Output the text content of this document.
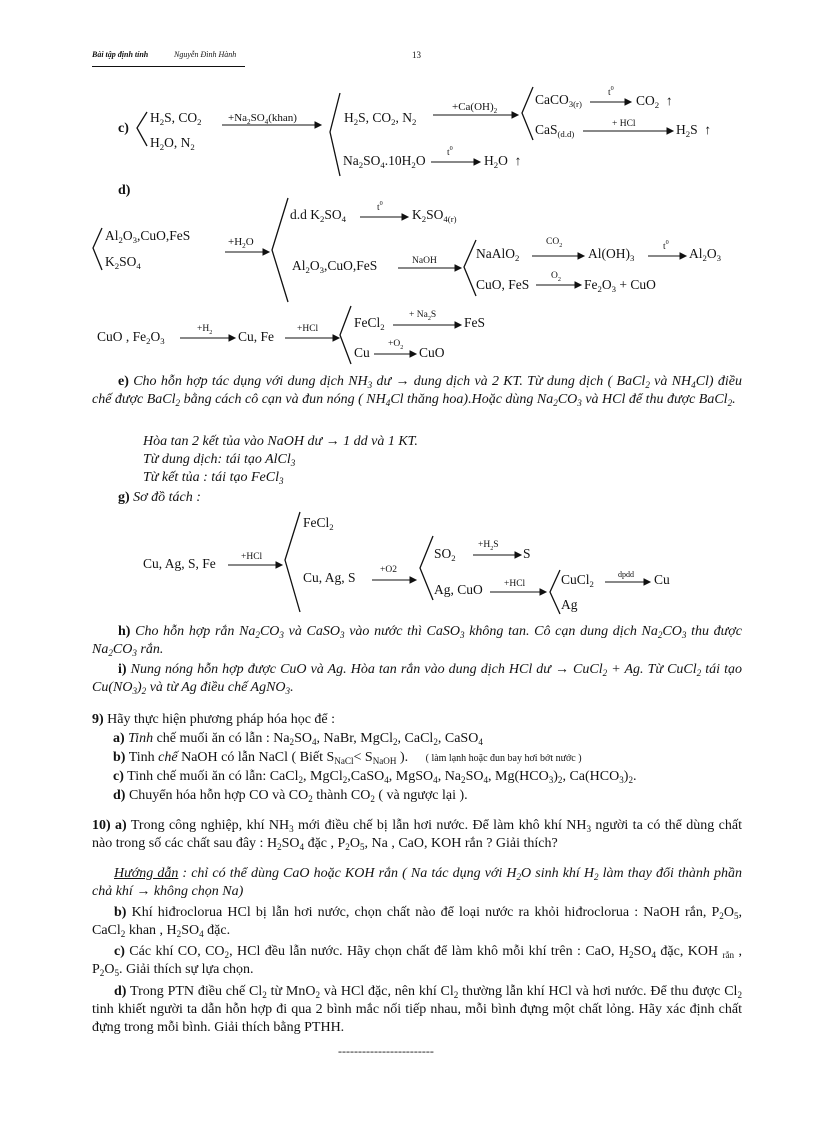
Bài tập định tính	Nguyễn Đình Hành	13
c)
$H_2S$, $CO_2$
$H_2O$, $N_2$
$+Na_2SO_4(khan)$	$H_2S$, $CO_2$, $N_2$
$+Ca(OH)_2$
CaCO$_{3(r)}$
$t^0$
$CO_2$  ↑
CaS$_{(d.d)}$
+ HCl	$H_2S$  ↑
$Na_2SO_4.10H_2O$ $t^0$
$H_2O$  ↑
d)
d.d $K_2SO_4$
$t^0$
$K_2SO_{4(r)}$
$Al_2O_3,CuO,FeS$
$K_2SO_4$
$+H_2O$
$Al_2O_3,CuO,FeS$	NaOH	NaAlO$_2$
$CO_2$ $Al(OH)_3$
$t^0$
$Al_2O_3$
CuO, FeS
$O_2$ $Fe_2O_3$ + CuO
CuO , $Fe_2O_3$
$+H_2$ Cu, Fe +HCl	FeCl$_2$
+ $Na_2S$ FeS
Cu
$+O_2$ CuO
e) Cho hỗn hợp tác dụng với dung dịch $NH_3$ dư → dung dịch và 2 KT. Từ dung dịch ( BaCl$_2$ và $NH_4Cl$) điều chế được BaCl$_2$ bằng cách cô cạn và đun nóng ( $NH_4Cl$ thăng hoa).Hoặc dùng $Na_2CO_3$ và HCl để thu được BaCl$_2$.
Hòa tan 2 kết tủa vào NaOH dư → 1 dd và 1 KT.
Từ dung dịch: tái tạo AlCl$_3$
Từ kết tủa : tái tạo FeCl$_3$
g) Sơ đồ tách :
FeCl$_2$
Cu, Ag, S, Fe	+HCl
Cu, Ag, S	+O2
$SO_2$
$+H_2S$
S
Ag, CuO +HCl	CuCl$_2$
dpdd Cu
Ag
h) Cho hỗn hợp rắn $Na_2CO_3$ và CaSO$_3$ vào nước thì CaSO$_3$ không tan. Cô cạn dung dịch $Na_2CO_3$ thu được $Na_2CO_3$ rắn.
i) Nung nóng hỗn hợp được CuO và Ag. Hòa tan rắn vào dung dịch HCl dư → CuCl$_2$ + Ag. Từ CuCl$_2$ tái tạo $Cu(NO_3)_2$ và từ Ag điều chế AgNO$_3$.
9) Hãy thực hiện phương pháp hóa học để :
a) Tinh chế muối ăn có lẫn : $Na_2SO_4$, NaBr, MgCl$_2$, CaCl$_2$, CaSO$_4$
b) Tinh chế NaOH có lẫn NaCl ( Biết $S_{NaCl}< S_{NaOH}$ ).     ( làm lạnh hoặc đun bay hơi bớt nước )
c) Tinh chế muối ăn có lẫn: CaCl$_2$, MgCl$_2$,CaSO$_4$, MgSO$_4$, $Na_2SO_4$, $Mg(HCO_3)_2$, $Ca(HCO_3)_2$.
d) Chuyển hóa hỗn hợp CO và $CO_2$ thành $CO_2$ ( và ngược lại ).
10) a) Trong công nghiệp, khí $NH_3$ mới điều chế bị lẫn hơi nước. Để làm khô khí $NH_3$ người ta có thể dùng chất nào trong số các chất sau đây : $H_2SO_4$ đặc , $P_2O_5$, Na , CaO, KOH rắn ? Giải thích?
Hướng dẫn : chỉ có thể dùng CaO hoặc KOH rắn ( Na tác dụng với $H_2O$ sinh khí $H_2$ làm thay đổi thành phần chả khí → không chọn Na)
b) Khí hiđroclorua HCl bị lẫn hơi nước, chọn chất nào để loại nước ra khỏi hiđroclorua : NaOH rắn, $P_2O_5$, CaCl$_2$ khan , $H_2SO_4$ đặc.
c) Các khí CO, $CO_2$, HCl đều lẫn nước. Hãy chọn chất để làm khô mỗi khí trên : CaO, $H_2SO_4$ đặc, KOH $_{rắn}$ , $P_2O_5$. Giải thích sự lựa chọn.
d) Trong PTN điều chế $Cl_2$ từ MnO$_2$ và HCl đặc, nên khí $Cl_2$ thường lẫn khí HCl và hơi nước. Để thu được $Cl_2$ tinh khiết người ta dẫn hỗn hợp đi qua 2 bình mắc nối tiếp nhau, mỗi bình đựng một chất lỏng. Hãy xác định chất đựng trong mỗi bình. Giải thích bằng PTHH.
------------------------
